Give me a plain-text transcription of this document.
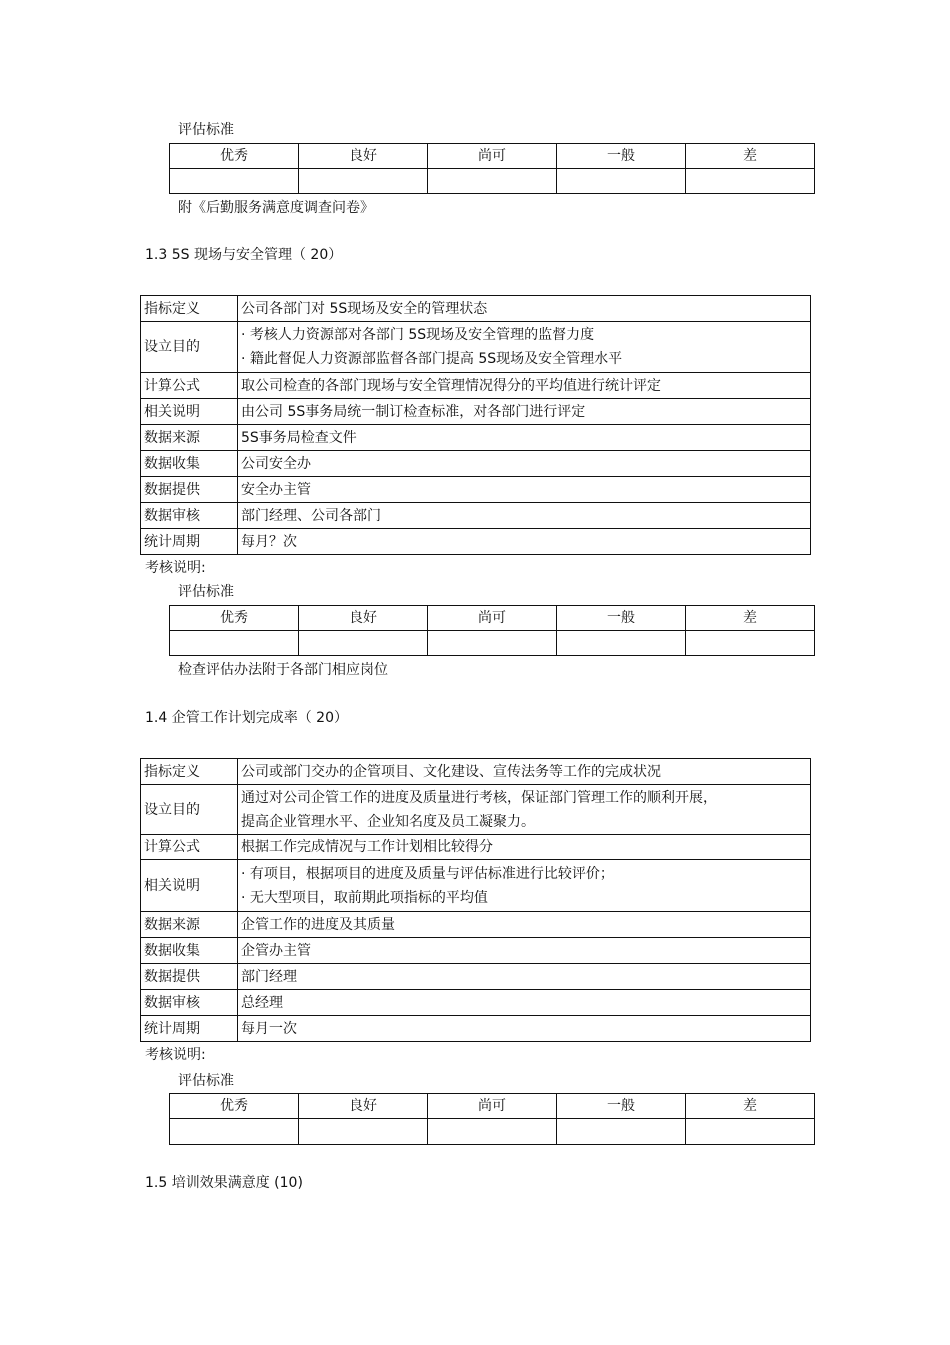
评估标准
优秀	良好	尚可	一般	差

附《后勤服务满意度调查问卷》
1.3 5S 现场与安全管理（ 20）
指标定义	公司各部门对 5S现场及安全的管理状态
设立目的	· 考核人力资源部对各部门 5S现场及安全管理的监督力度
· 籍此督促人力资源部监督各部门提高 5S现场及安全管理水平

计算公式	取公司检查的各部门现场与安全管理情况得分的平均值进行统计评定
相关说明	由公司 5S事务局统一制订检查标准，对各部门进行评定
数据来源	5S事务局检查文件
数据收集	公司安全办
数据提供	安全办主管
数据审核	部门经理、公司各部门
统计周期	每月？次
考核说明:
评估标准
优秀	良好	尚可	一般	差

检查评估办法附于各部门相应岗位
1.4 企管工作计划完成率（ 20）
指标定义	公司或部门交办的企管项目、文化建设、宣传法务等工作的完成状况
设立目的	通过对公司企管工作的进度及质量进行考核，保证部门管理工作的顺利开展，
提高企业管理水平、企业知名度及员工凝聚力。

计算公式	根据工作完成情况与工作计划相比较得分
相关说明	· 有项目，根据项目的进度及质量与评估标准进行比较评价；
· 无大型项目，取前期此项指标的平均值

数据来源	企管工作的进度及其质量
数据收集	企管办主管
数据提供	部门经理
数据审核	总经理
统计周期	每月一次
考核说明:
评估标准
优秀	良好	尚可	一般	差

1.5 培训效果满意度 (10)
